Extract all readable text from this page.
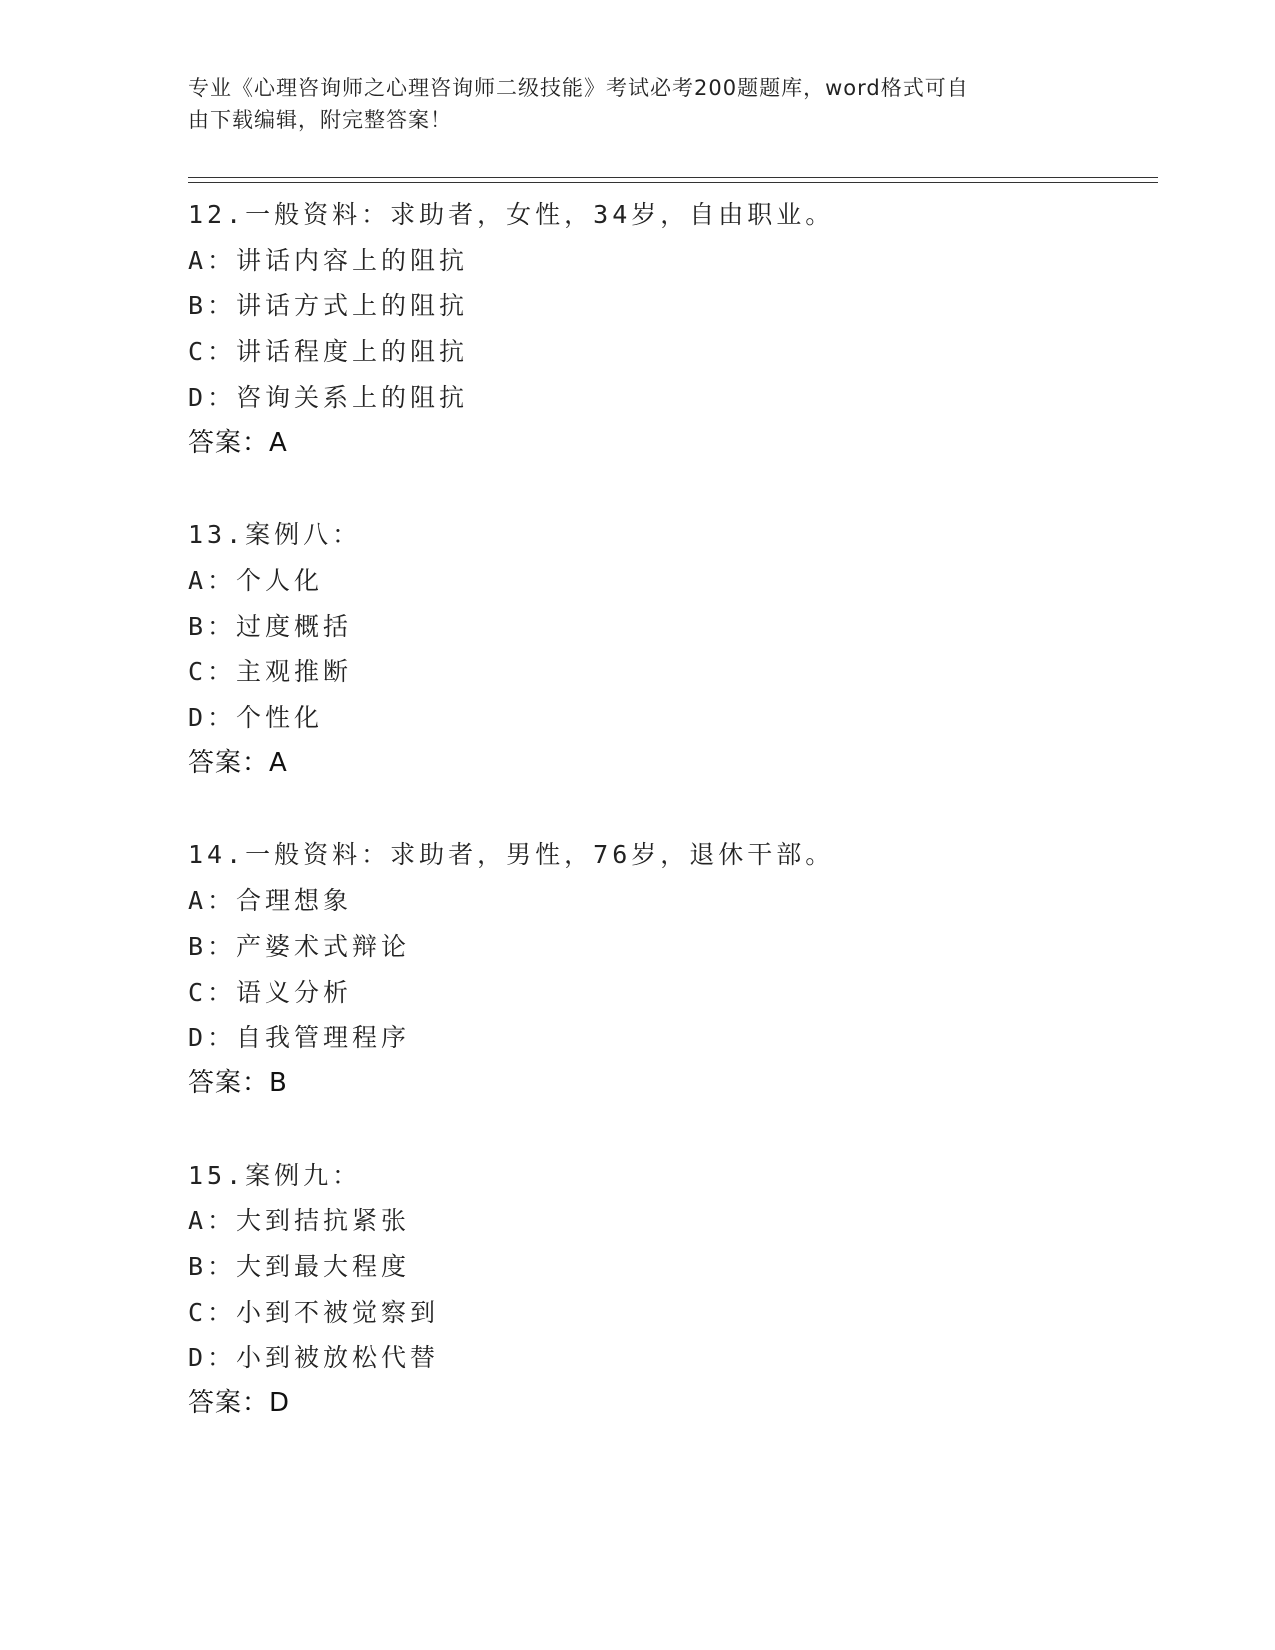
专业《心理咨询师之心理咨询师二级技能》考试必考200题题库，word格式可自
由下载编辑，附完整答案！
12.一般资料：求助者，女性，34岁，自由职业。
A：讲话内容上的阻抗
B：讲话方式上的阻抗
C：讲话程度上的阻抗
D：咨询关系上的阻抗
答案：A
13.案例八：
A：个人化
B：过度概括
C：主观推断
D：个性化
答案：A
14.一般资料：求助者，男性，76岁，退休干部。
A：合理想象
B：产婆术式辩论
C：语义分析
D：自我管理程序
答案：B
15.案例九：
A：大到拮抗紧张
B：大到最大程度
C：小到不被觉察到
D：小到被放松代替
答案：D
